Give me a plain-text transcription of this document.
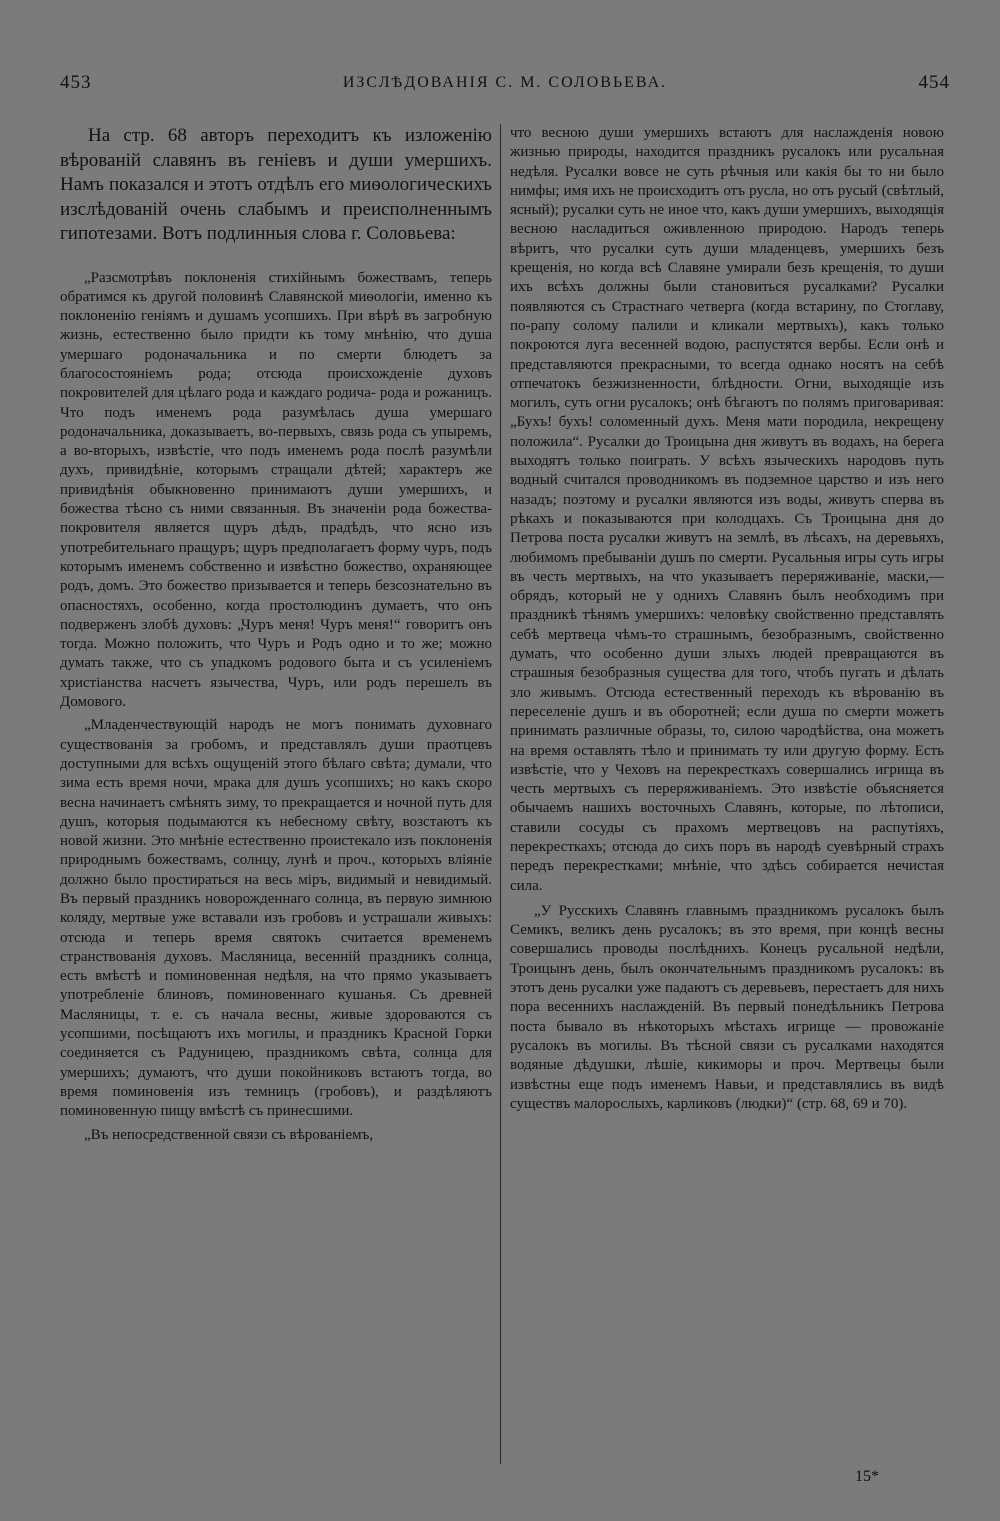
453	ИЗСЛѢДОВАНІЯ С. М. СОЛОВЬЕВА.	454

На стр. 68 авторъ переходитъ къ изложенію вѣрованій славянъ въ геніевъ и души умершихъ. Намъ показался и этотъ отдѣлъ его миѳологическихъ изслѣдованій очень слабымъ и преисполненнымъ гипотезами. Вотъ подлинныя слова г. Соловьева:

„Разсмотрѣвъ поклоненія стихійнымъ божествамъ, теперь обратимся къ другой половинѣ Славянской миѳологіи, именно къ поклоненію геніямъ и душамъ усопшихъ. При вѣрѣ въ загробную жизнь, естественно было придти къ тому мнѣнію, что душа умершаго родоначальника и по смерти блюдетъ за благосостояніемъ рода; отсюда происхожденіе духовъ покровителей для цѣлаго рода и каждаго родича- рода и рожаницъ. Что подъ именемъ рода разумѣлась душа умершаго родоначальника, доказываетъ, во-первыхъ, связь рода съ упыремъ, а во-вторыхъ, извѣстіе, что подъ именемъ рода послѣ разумѣли духъ, привидѣніе, которымъ стращали дѣтей; характеръ же привидѣнія обыкновенно принимаютъ души умершихъ, и божества тѣсно съ ними связанныя. Въ значеніи рода божества-покровителя является щуръ дѣдъ, прадѣдъ, что ясно изъ употребительнаго пращуръ; щуръ предполагаетъ форму чуръ, подъ которымъ именемъ собственно и извѣстно божество, охраняющее родъ, домъ. Это божество призывается и теперь безсознательно въ опасностяхъ, особенно, когда простолюдинъ думаетъ, что онъ подверженъ злобѣ духовъ: „Чуръ меня! Чуръ меня!“ говоритъ онъ тогда. Можно положить, что Чуръ и Родъ одно и то же; можно думать также, что съ упадкомъ родового быта и съ усиленіемъ христіанства насчетъ язычества, Чуръ, или родъ перешелъ въ Домового.

„Младенчествующій народъ не могъ понимать духовнаго существованія за гробомъ, и представлялъ души праотцевъ доступными для всѣхъ ощущеній этого бѣлаго свѣта; думали, что зима есть время ночи, мрака для душъ усопшихъ; но какъ скоро весна начинаетъ смѣнять зиму, то прекращается и ночной путь для душъ, которыя подымаются къ небесному свѣту, возстаютъ къ новой жизни. Это мнѣніе естественно проистекало изъ поклоненія природнымъ божествамъ, солнцу, лунѣ и проч., которыхъ вліяніе должно было простираться на весь міръ, видимый и невидимый. Въ первый праздникъ новорожденнаго солнца, въ первую зимнюю коляду, мертвые уже вставали изъ гробовъ и устрашали живыхъ: отсюда и теперь время святокъ считается временемъ странствованія духовъ. Масляница, весенній праздникъ солнца, есть вмѣстѣ и поминовенная недѣля, на что прямо указываетъ употребленіе блиновъ, поминовеннаго кушанья. Съ древней Масляницы, т. е. съ начала весны, живые здороваются съ усопшими, посѣщаютъ ихъ могилы, и праздникъ Красной Горки соединяется съ Радуницею, праздникомъ свѣта, солнца для умершихъ; думаютъ, что души покойниковъ встаютъ тогда, во время поминовенія изъ темницъ (гробовъ), и раздѣляютъ поминовенную пищу вмѣстѣ съ принесшими.

„Въ непосредственной связи съ вѣрованіемъ,

что весною души умершихъ встаютъ для наслажденія новою жизнью природы, находится праздникъ русалокъ или русальная недѣля. Русалки вовсе не суть рѣчныя или какія бы то ни было нимфы; имя ихъ не происходитъ отъ русла, но отъ русый (свѣтлый, ясный); русалки суть не иное что, какъ души умершихъ, выходящія весною насладиться оживленною природою. Народъ теперь вѣритъ, что русалки суть души младенцевъ, умершихъ безъ крещенія, но когда всѣ Славяне умирали безъ крещенія, то души ихъ всѣхъ должны были становиться русалками? Русалки появляются съ Страстнаго четверга (когда встарину, по Стоглаву, по-рапу солому палили и кликали мертвыхъ), какъ только покроются луга весенней водою, распустятся вербы. Если онѣ и представляются прекрасными, то всегда однако носятъ на себѣ отпечатокъ безжизненности, блѣдности. Огни, выходящіе изъ могилъ, суть огни русалокъ; онѣ бѣгаютъ по полямъ приговаривая: „Бухъ! бухъ! соломенный духъ. Меня мати породила, некрещену положила“. Русалки до Троицына дня живутъ въ водахъ, на берега выходятъ только поиграть. У всѣхъ языческихъ народовъ путь водный считался проводникомъ въ подземное царство и изъ него назадъ; поэтому и русалки являются изъ воды, живутъ сперва въ рѣкахъ и показываются при колодцахъ. Съ Троицына дня до Петрова поста русалки живутъ на землѣ, въ лѣсахъ, на деревьяхъ, любимомъ пребываніи душъ по смерти. Русальныя игры суть игры въ честь мертвыхъ, на что указываетъ переряживаніе, маски,—обрядъ, который не у однихъ Славянъ былъ необходимъ при праздникѣ тѣнямъ умершихъ: человѣку свойственно представлять себѣ мертвеца чѣмъ-то страшнымъ, безобразнымъ, свойственно думать, что особенно души злыхъ людей превращаются въ страшныя безобразныя существа для того, чтобъ пугать и дѣлать зло живымъ. Отсюда естественный переходъ къ вѣрованію въ переселеніе душъ и въ оборотней; если душа по смерти можетъ принимать различные образы, то, силою чародѣйства, она можетъ на время оставлять тѣло и принимать ту или другую форму. Есть извѣстіе, что у Чеховъ на перекресткахъ совершались игрища въ честь мертвыхъ съ переряживаніемъ. Это извѣстіе объясняется обычаемъ нашихъ восточныхъ Славянъ, которые, по лѣтописи, ставили сосуды съ прахомъ мертвецовъ на распутіяхъ, перекресткахъ; отсюда до сихъ поръ въ народѣ суевѣрный страхъ передъ перекрестками; мнѣніе, что здѣсь собирается нечистая сила.

„У Русскихъ Славянъ главнымъ праздникомъ русалокъ былъ Семикъ, великъ день русалокъ; въ это время, при концѣ весны совершались проводы послѣднихъ. Конецъ русальной недѣли, Троицынъ день, былъ окончательнымъ праздникомъ русалокъ: въ этотъ день русалки уже падаютъ съ деревьевъ, перестаетъ для нихъ пора весеннихъ наслажденій. Въ первый понедѣльникъ Петрова поста бывало въ нѣкоторыхъ мѣстахъ игрище — провожаніе русалокъ въ могилы. Въ тѣсной связи съ русалками находятся водяные дѣдушки, лѣшіе, кикиморы и проч. Мертвецы были извѣстны еще подъ именемъ Навьи, и представлялись въ видѣ существъ малорослыхъ, карликовъ (людки)“ (стр. 68, 69 и 70).

15*
